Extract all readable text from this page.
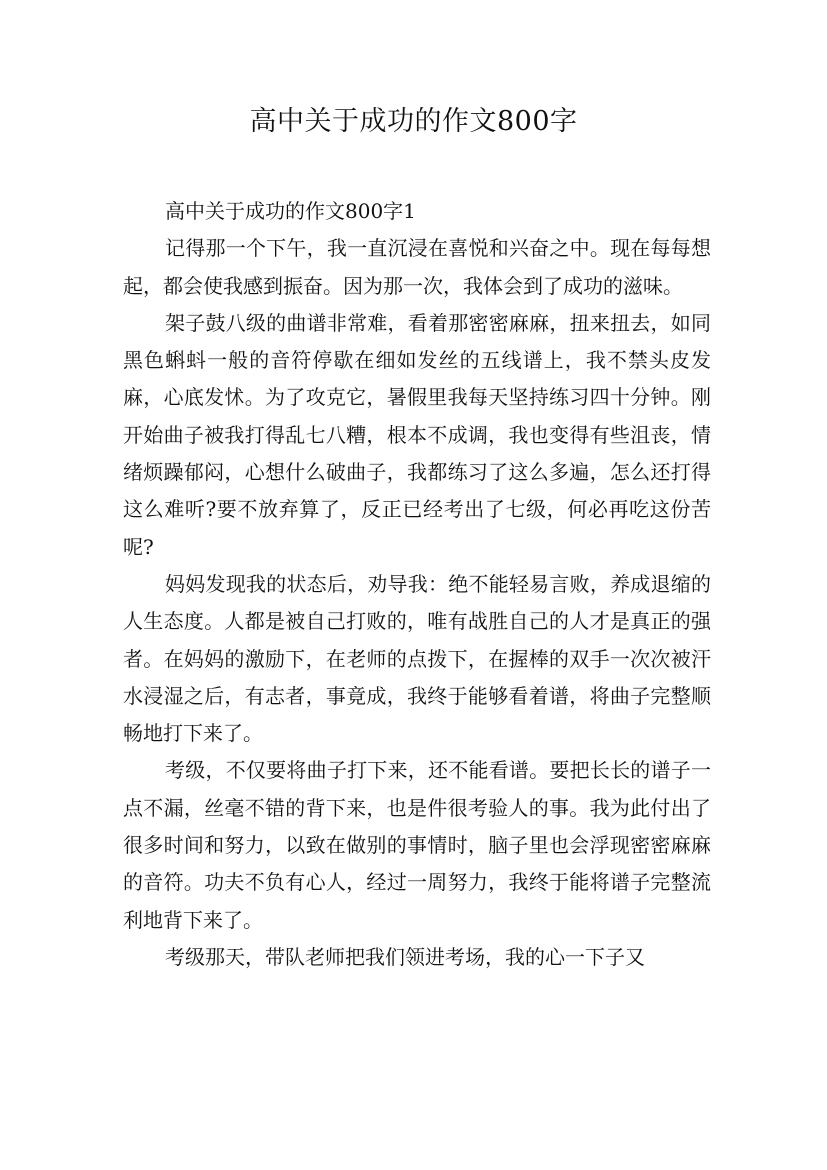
高中关于成功的作文800字

高中关于成功的作文800字1

记得那一个下午，我一直沉浸在喜悦和兴奋之中。现在每每想起，都会使我感到振奋。因为那一次，我体会到了成功的滋味。

架子鼓八级的曲谱非常难，看着那密密麻麻，扭来扭去，如同黑色蝌蚪一般的音符停歇在细如发丝的五线谱上，我不禁头皮发麻，心底发怵。为了攻克它，暑假里我每天坚持练习四十分钟。刚开始曲子被我打得乱七八糟，根本不成调，我也变得有些沮丧，情绪烦躁郁闷，心想什么破曲子，我都练习了这么多遍，怎么还打得这么难听?要不放弃算了，反正已经考出了七级，何必再吃这份苦呢?

妈妈发现我的状态后，劝导我：绝不能轻易言败，养成退缩的人生态度。人都是被自己打败的，唯有战胜自己的人才是真正的强者。在妈妈的激励下，在老师的点拨下，在握棒的双手一次次被汗水浸湿之后，有志者，事竟成，我终于能够看着谱，将曲子完整顺畅地打下来了。

考级，不仅要将曲子打下来，还不能看谱。要把长长的谱子一点不漏，丝毫不错的背下来，也是件很考验人的事。我为此付出了很多时间和努力，以致在做别的事情时，脑子里也会浮现密密麻麻的音符。功夫不负有心人，经过一周努力，我终于能将谱子完整流利地背下来了。

考级那天，带队老师把我们领进考场，我的心一下子又
